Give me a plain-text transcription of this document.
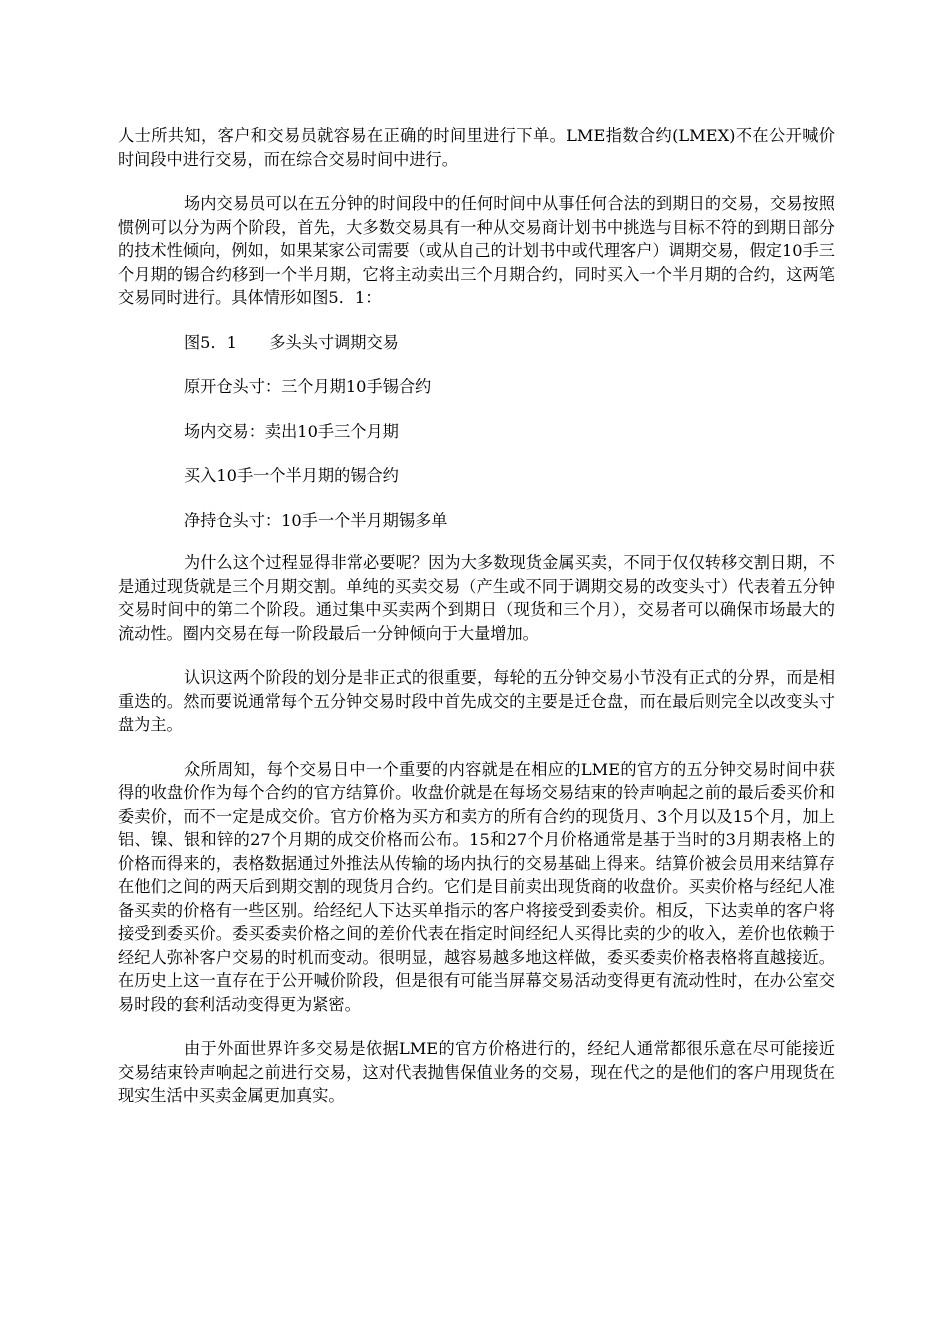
人士所共知，客户和交易员就容易在正确的时间里进行下单。LME指数合约(LMEX)不在公开喊价时间段中进行交易，而在综合交易时间中进行。

场内交易员可以在五分钟的时间段中的任何时间中从事任何合法的到期日的交易，交易按照惯例可以分为两个阶段，首先，大多数交易具有一种从交易商计划书中挑选与目标不符的到期日部分的技术性倾向，例如，如果某家公司需要（或从自己的计划书中或代理客户）调期交易，假定10手三个月期的锡合约移到一个半月期，它将主动卖出三个月期合约，同时买入一个半月期的合约，这两笔交易同时进行。具体情形如图5．1：

图5．1　　多头头寸调期交易

原开仓头寸：三个月期10手锡合约

场内交易：卖出10手三个月期

买入10手一个半月期的锡合约

净持仓头寸：10手一个半月期锡多单

为什么这个过程显得非常必要呢？因为大多数现货金属买卖，不同于仅仅转移交割日期，不是通过现货就是三个月期交割。单纯的买卖交易（产生或不同于调期交易的改变头寸）代表着五分钟交易时间中的第二个阶段。通过集中买卖两个到期日（现货和三个月），交易者可以确保市场最大的流动性。圈内交易在每一阶段最后一分钟倾向于大量增加。

认识这两个阶段的划分是非正式的很重要，每轮的五分钟交易小节没有正式的分界，而是相重迭的。然而要说通常每个五分钟交易时段中首先成交的主要是迁仓盘，而在最后则完全以改变头寸盘为主。

众所周知，每个交易日中一个重要的内容就是在相应的LME的官方的五分钟交易时间中获得的收盘价作为每个合约的官方结算价。收盘价就是在每场交易结束的铃声响起之前的最后委买价和委卖价，而不一定是成交价。官方价格为买方和卖方的所有合约的现货月、3个月以及15个月，加上铝、镍、银和锌的27个月期的成交价格而公布。15和27个月价格通常是基于当时的3月期表格上的价格而得来的，表格数据通过外推法从传输的场内执行的交易基础上得来。结算价被会员用来结算存在他们之间的两天后到期交割的现货月合约。它们是目前卖出现货商的收盘价。买卖价格与经纪人准备买卖的价格有一些区别。给经纪人下达买单指示的客户将接受到委卖价。相反，下达卖单的客户将接受到委买价。委买委卖价格之间的差价代表在指定时间经纪人买得比卖的少的收入，差价也依赖于经纪人弥补客户交易的时机而变动。很明显，越容易越多地这样做，委买委卖价格表格将直越接近。在历史上这一直存在于公开喊价阶段，但是很有可能当屏幕交易活动变得更有流动性时，在办公室交易时段的套利活动变得更为紧密。

由于外面世界许多交易是依据LME的官方价格进行的，经纪人通常都很乐意在尽可能接近交易结束铃声响起之前进行交易，这对代表抛售保值业务的交易，现在代之的是他们的客户用现货在现实生活中买卖金属更加真实。
